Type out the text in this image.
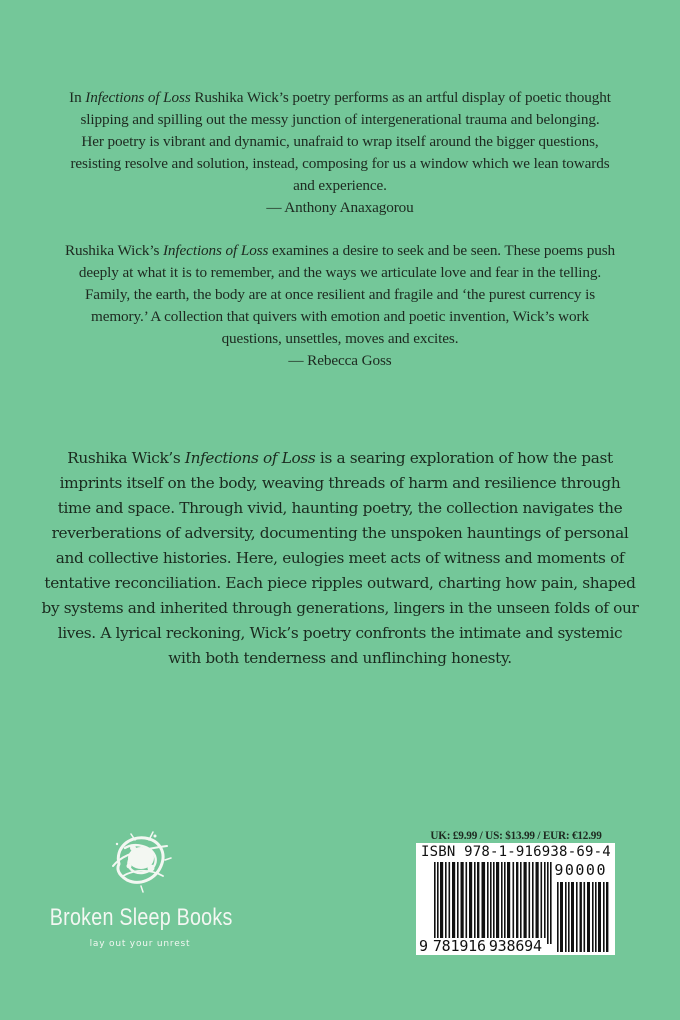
In Infections of Loss Rushika Wick’s poetry performs as an artful display of poetic thought
slipping and spilling out the messy junction of intergenerational trauma and belonging.
Her poetry is vibrant and dynamic, unafraid to wrap itself around the bigger questions,
resisting resolve and solution, instead, composing for us a window which we lean towards
and experience.
— Anthony Anaxagorou
Rushika Wick’s Infections of Loss examines a desire to seek and be seen. These poems push
deeply at what it is to remember, and the ways we articulate love and fear in the telling.
Family, the earth, the body are at once resilient and fragile and ‘the purest currency is
memory.’ A collection that quivers with emotion and poetic invention, Wick’s work
questions, unsettles, moves and excites.
— Rebecca Goss
Rushika Wick’s Infections of Loss is a searing exploration of how the past
imprints itself on the body, weaving threads of harm and resilience through
time and space. Through vivid, haunting poetry, the collection navigates the
reverberations of adversity, documenting the unspoken hauntings of personal
and collective histories. Here, eulogies meet acts of witness and moments of
tentative reconciliation. Each piece ripples outward, charting how pain, shaped
by systems and inherited through generations, lingers in the unseen folds of our
lives. A lyrical reckoning, Wick’s poetry confronts the intimate and systemic
with both tenderness and unflinching honesty.
Broken Sleep Books
lay out your unrest
UK: £9.99 / US: $13.99 / EUR: €12.99
ISBN 978-1-916938-69-4
90000
9 781916 938694
